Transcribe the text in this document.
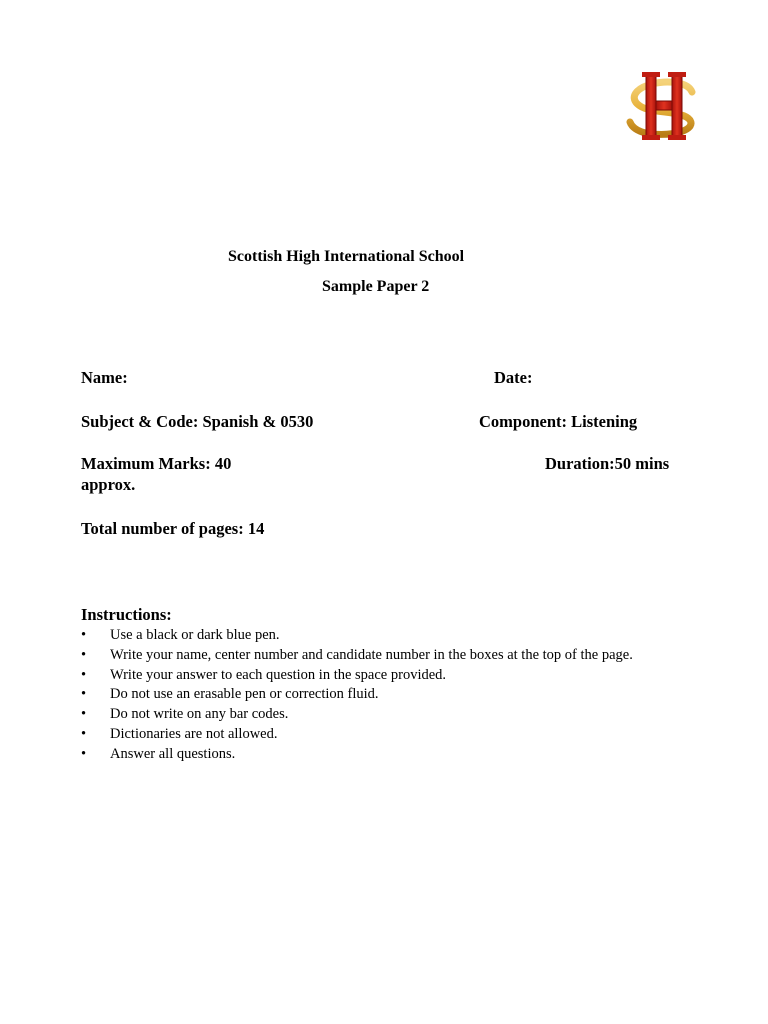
Scottish High International School
Sample Paper 2
Name:	Date:
Subject & Code: Spanish & 0530	Component: Listening
Maximum Marks: 40	Duration:50 mins
approx.
Total number of pages: 14
Instructions:
• Use a black or dark blue pen.
• Write your name, center number and candidate number in the boxes at the top of the page.
• Write your answer to each question in the space provided.
• Do not use an erasable pen or correction fluid.
• Do not write on any bar codes.
• Dictionaries are not allowed.
• Answer all questions.
